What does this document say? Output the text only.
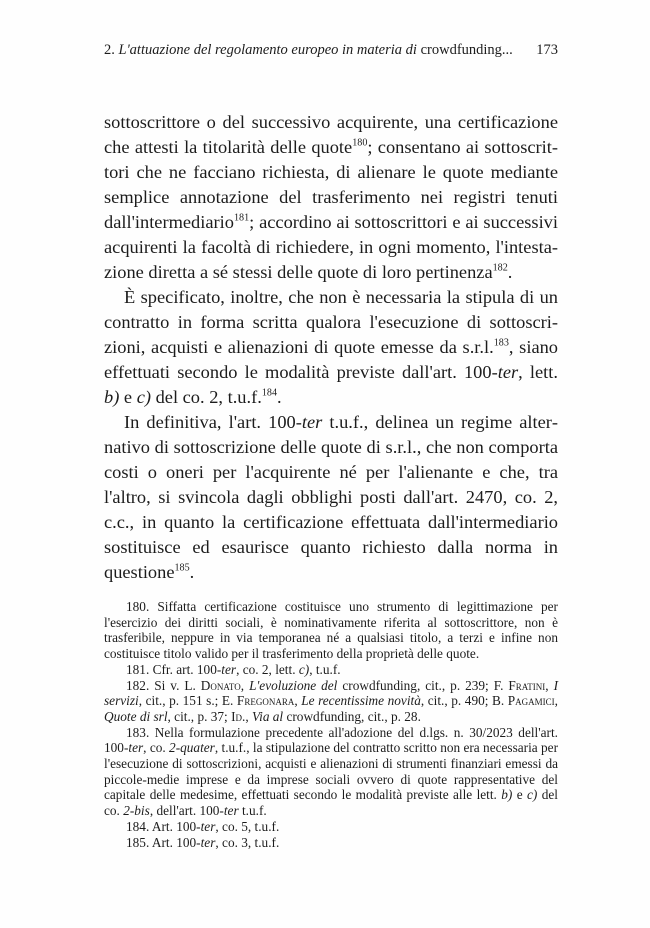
2. L'attuazione del regolamento europeo in materia di crowdfunding... 173

sottoscrittore o del successivo acquirente, una certificazione che attesti la titolarità delle quote$^{180}$; consentano ai sottoscrittori che ne facciano richiesta, di alienare le quote mediante semplice annotazione del trasferimento nei registri tenuti dall'intermediario$^{181}$; accordino ai sottoscrittori e ai successivi acquirenti la facoltà di richiedere, in ogni momento, l'intestazione diretta a sé stessi delle quote di loro pertinenza$^{182}$.

È specificato, inoltre, che non è necessaria la stipula di un contratto in forma scritta qualora l'esecuzione di sottoscrizioni, acquisti e alienazioni di quote emesse da s.r.l.$^{183}$, siano effettuati secondo le modalità previste dall'art. 100-ter, lett. b) e c) del co. 2, t.u.f.$^{184}$.

In definitiva, l'art. 100-ter t.u.f., delinea un regime alternativo di sottoscrizione delle quote di s.r.l., che non comporta costi o oneri per l'acquirente né per l'alienante e che, tra l'altro, si svincola dagli obblighi posti dall'art. 2470, co. 2, c.c., in quanto la certificazione effettuata dall'intermediario sostituisce ed esaurisce quanto richiesto dalla norma in questione$^{185}$.

180. Siffatta certificazione costituisce uno strumento di legittimazione per l'esercizio dei diritti sociali, è nominativamente riferita al sottoscrittore, non è trasferibile, neppure in via temporanea né a qualsiasi titolo, a terzi e infine non costituisce titolo valido per il trasferimento della proprietà delle quote.

181. Cfr. art. 100-ter, co. 2, lett. c), t.u.f.

182. Si v. L. Donato, L'evoluzione del crowdfunding, cit., p. 239; F. Fratini, I servizi, cit., p. 151 s.; E. Fregonara, Le recentissime novità, cit., p. 490; B. Pagamici, Quote di srl, cit., p. 37; Id., Via al crowdfunding, cit., p. 28.

183. Nella formulazione precedente all'adozione del d.lgs. n. 30/2023 dell'art. 100-ter, co. 2-quater, t.u.f., la stipulazione del contratto scritto non era necessaria per l'esecuzione di sottoscrizioni, acquisti e alienazioni di strumenti finanziari emessi da piccole-medie imprese e da imprese sociali ovvero di quote rappresentative del capitale delle medesime, effettuati secondo le modalità previste alle lett. b) e c) del co. 2-bis, dell'art. 100-ter t.u.f.

184. Art. 100-ter, co. 5, t.u.f.

185. Art. 100-ter, co. 3, t.u.f.
